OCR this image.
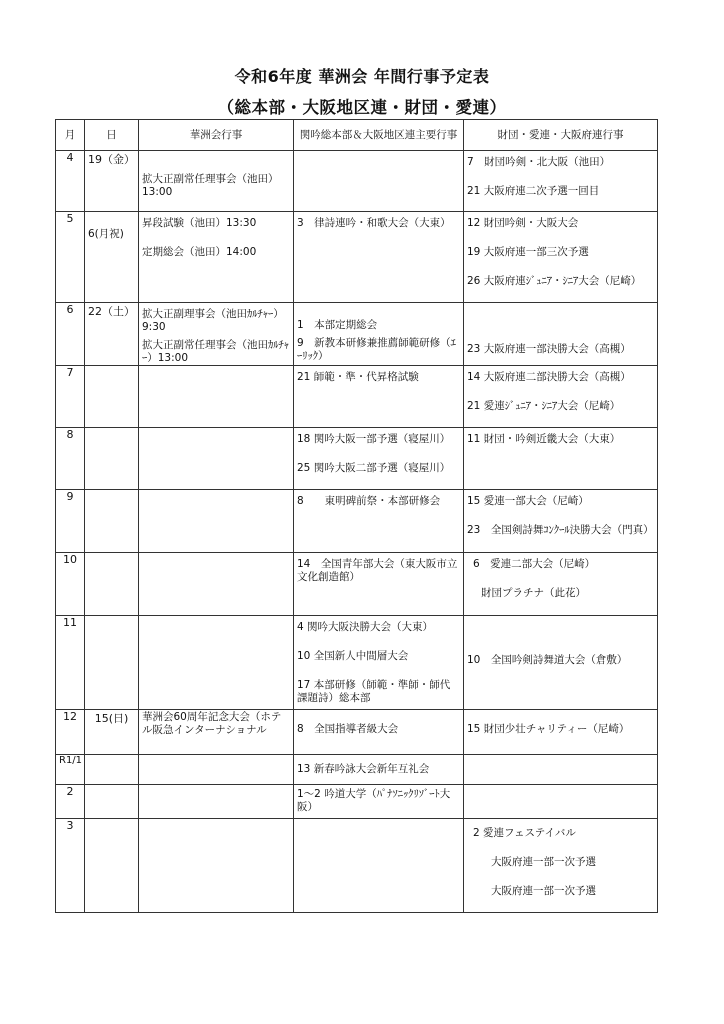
令和6年度 華洲会 年間行事予定表
（総本部・大阪地区連・財団・愛連）
月	日	華洲会行事	関吟総本部＆大阪地区連主要行事	財団・愛連・大阪府連行事
4	19（金）	拡大正副常任理事会（池田）13:00		7　財団吟剣・北大阪（池田）
21 大阪府連二次予選一回目

5	6(月祝)	昇段試験（池田）13:30
定期総会（池田）14:00	3　律詩連吟・和歌大会（大東）	12 財団吟剣・大阪大会
19 大阪府連一部三次予選
26 大阪府連ｼﾞｭﾆｱ・ｼﾆｱ大会（尼崎）

6	22（土）	拡大正副理事会（池田ｶﾙﾁｬｰ）9:30
拡大正副常任理事会（池田ｶﾙﾁｬｰ）13:00	1　本部定期総会
9　新教本研修兼推薦師範研修（ｴｰﾘｯｸ）	23 大阪府連一部決勝大会（高槻）

7			21 師範・準・代昇格試験	14 大阪府連二部決勝大会（高槻）
21 愛連ｼﾞｭﾆｱ・ｼﾆｱ大会（尼崎）

8			18 関吟大阪一部予選（寝屋川）
25 関吟大阪二部予選（寝屋川）	11 財団・吟剣近畿大会（大東）

9			8　　東明碑前祭・本部研修会	15 愛連一部大会（尼崎）
23　全国剣詩舞ｺﾝｸｰﾙ決勝大会（門真）

10			14　全国青年部大会（東大阪市立文化創造館）	6　愛連二部大会（尼崎）
財団プラチナ（此花）

11			4 関吟大阪決勝大会（大東）
10 全国新人中間層大会
17 本部研修（師範・準師・師代課題詩）総本部	10　全国吟剣詩舞道大会（倉敷）

12	15(日)	華洲会60周年記念大会（ホテル阪急インターナショナル	8　全国指導者級大会	15 財団少壮チャリティー（尼崎）

R1/1			13 新春吟詠大会新年互礼会	

2			1～2 吟道大学（ﾊﾟﾅｿﾆｯｸﾘｿﾞｰﾄ大阪）	

3				2 愛連フェステイバル
大阪府連一部一次予選
大阪府連一部一次予選
